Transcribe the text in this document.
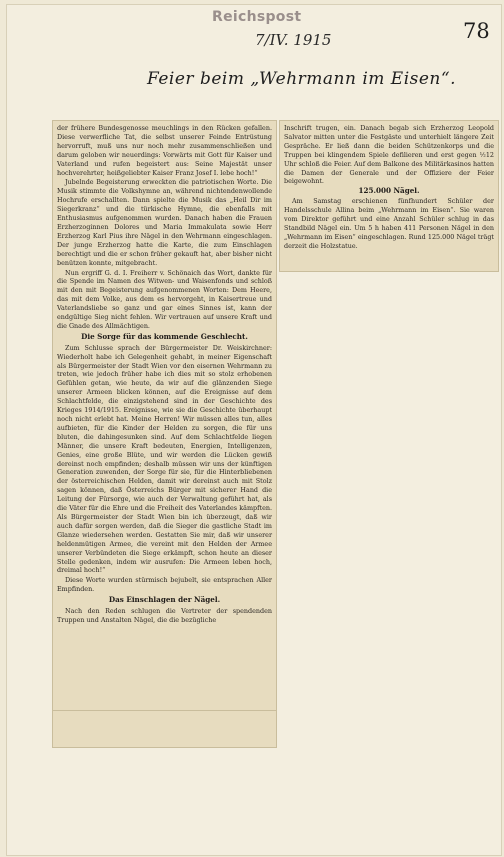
Reichspost
7/IV. 1915	78
Feier beim „Wehrmann im Eisen“.

der frühere Bundesgenosse meuchlings in den Rücken gefallen. Diese verwerfliche Tat, die selbst unserer Feinde Entrüstung hervorruft, muß uns nur noch mehr zusammenschließen und darum geloben wir neuerdings: Vorwärts mit Gott für Kaiser und Vaterland und rufen begeistert aus: Seine Majestät unser hochverehrter, heißgeliebter Kaiser Franz Josef I. lebe hoch!“

Jubelnde Begeisterung erweckten die patriotischen Worte. Die Musik stimmte die Volkshymne an, während nichtendenwollende Hochrufe erschallten. Dann spielte die Musik das „Heil Dir im Siegerkranz“ und die türkische Hymne, die ebenfalls mit Enthusiasmus aufgenommen wurden. Danach haben die Frauen Erzherzoginnen Dolores und Maria Immakulata sowie Herr Erzherzog Karl Pius ihre Nägel in den Wehrmann eingeschlagen. Der junge Erzherzog hatte die Karte, die zum Einschlagen berechtigt und die er schon früher gekauft hat, aber bisher nicht benützen konnte, mitgebracht.

Nun ergriff G. d. I. Freiherr v. Schönaich das Wort, dankte für die Spende im Namen des Witwen- und Waisenfonds und schloß mit den mit Begeisterung aufgenommenen Worten: Dem Heere, das mit dem Volke, aus dem es hervorgeht, in Kaisertreue und Vaterlandsliebe so ganz und gar eines Sinnes ist, kann der endgültige Sieg nicht fehlen. Wir vertrauen auf unsere Kraft und die Gnade des Allmächtigen.

Die Sorge für das kommende Geschlecht.

Zum Schlusse sprach der Bürgermeister Dr. Weiskirchner: Wiederholt habe ich Gelegenheit gehabt, in meiner Eigenschaft als Bürgermeister der Stadt Wien vor den eisernen Wehrmann zu treten, wie jedoch früher habe ich dies mit so stolz erhobenen Gefühlen getan, wie heute, da wir auf die glänzenden Siege unserer Armeen blicken können, auf die Ereignisse auf dem Schlachtfelde, die einzigstehend sind in der Geschichte des Krieges 1914/1915. Ereignisse, wie sie die Geschichte überhaupt noch nicht erlebt hat. Meine Herren! Wir müssen alles tun, alles aufbieten, für die Kinder der Helden zu sorgen, die für uns bluten, die dahingesunken sind. Auf dem Schlachtfelde liegen Männer, die unsere Kraft bedeuten, Energien, Intelligenzen, Genies, eine große Blüte, und wir werden die Lücken gewiß dereinst noch empfinden; deshalb müssen wir uns der künftigen Generation zuwenden, der Sorge für sie, für die Hinterbliebenen der österreichischen Helden, damit wir dereinst auch mit Stolz sagen können, daß Österreichs Bürger mit sicherer Hand die Leitung der Fürsorge, wie auch der Verwaltung geführt hat, als die Väter für die Ehre und die Freiheit des Vaterlandes kämpften. Als Bürgermeister der Stadt Wien bin ich überzeugt, daß wir auch dafür sorgen werden, daß die Sieger die gastliche Stadt im Glanze wiedersehen werden. Gestatten Sie mir, daß wir unserer heldenmütigen Armee, die vereint mit den Helden der Armee unserer Verbündeten die Siege erkämpft, schon heute an dieser Stelle gedenken, indem wir ausrufen: Die Armeen leben hoch, dreimal hoch!“

Diese Worte wurden stürmisch bejubelt, sie entsprachen Aller Empfinden.

Das Einschlagen der Nägel.

Nach den Reden schlugen die Vertreter der spendenden Truppen und Anstalten Nägel, die die bezügliche

Inschrift trugen, ein. Danach begab sich Erzherzog Leopold Salvator mitten unter die Festgäste und unterhielt längere Zeit Gespräche. Er ließ dann die beiden Schützenkorps und die Truppen bei klingendem Spiele defilieren und erst gegen ½12 Uhr schloß die Feier. Auf dem Balkone des Militärkasinos hatten die Damen der Generale und der Offiziere der Feier beigewohnt.

125.000 Nägel.

Am Samstag erschienen fünfhundert Schüler der Handelsschule Allina beim „Wehrmann im Eisen“. Sie waren vom Direktor geführt und eine Anzahl Schüler schlug in das Standbild Nägel ein. Um 5 h haben 411 Personen Nägel in den „Wehrmann im Eisen“ eingeschlagen. Rund 125.000 Nägel trägt derzeit die Holzstatue.
